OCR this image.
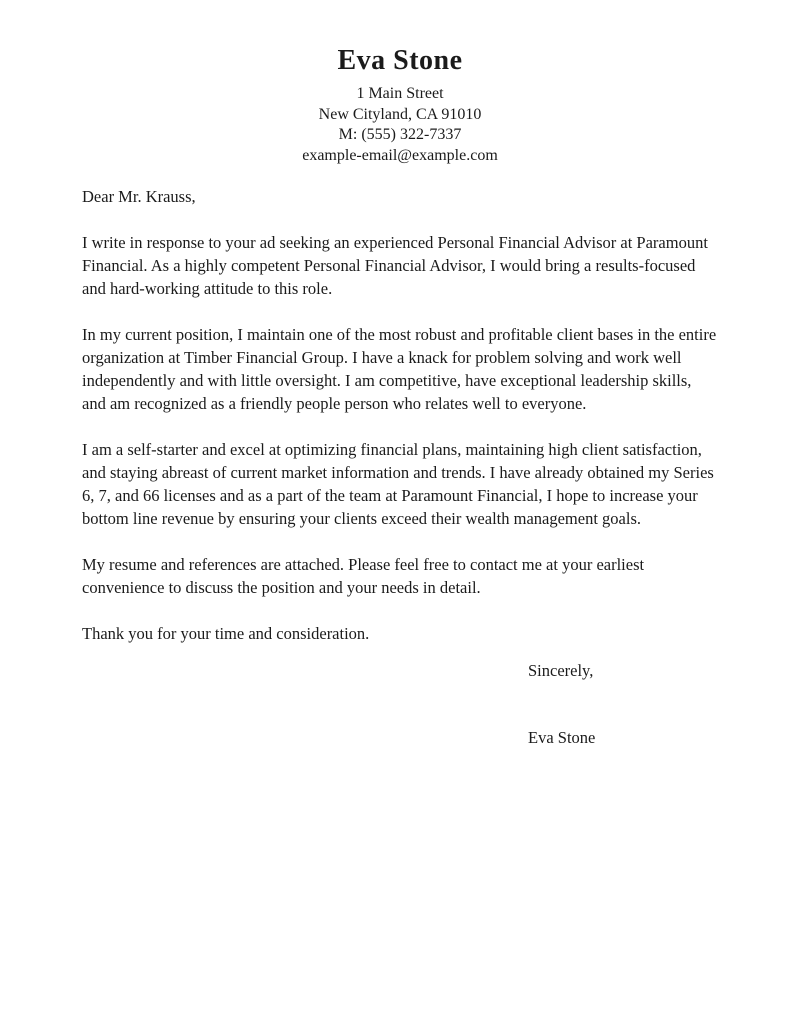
Eva Stone
1 Main Street
New Cityland, CA 91010
M: (555) 322-7337
example-email@example.com

Dear Mr. Krauss,

I write in response to your ad seeking an experienced Personal Financial Advisor at Paramount Financial. As a highly competent Personal Financial Advisor, I would bring a results-focused and hard-working attitude to this role.

In my current position, I maintain one of the most robust and profitable client bases in the entire organization at Timber Financial Group. I have a knack for problem solving and work well independently and with little oversight. I am competitive, have exceptional leadership skills, and am recognized as a friendly people person who relates well to everyone.

I am a self-starter and excel at optimizing financial plans, maintaining high client satisfaction, and staying abreast of current market information and trends. I have already obtained my Series 6, 7, and 66 licenses and as a part of the team at Paramount Financial, I hope to increase your bottom line revenue by ensuring your clients exceed their wealth management goals.

My resume and references are attached. Please feel free to contact me at your earliest convenience to discuss the position and your needs in detail.

Thank you for your time and consideration.

Sincerely,

Eva Stone
